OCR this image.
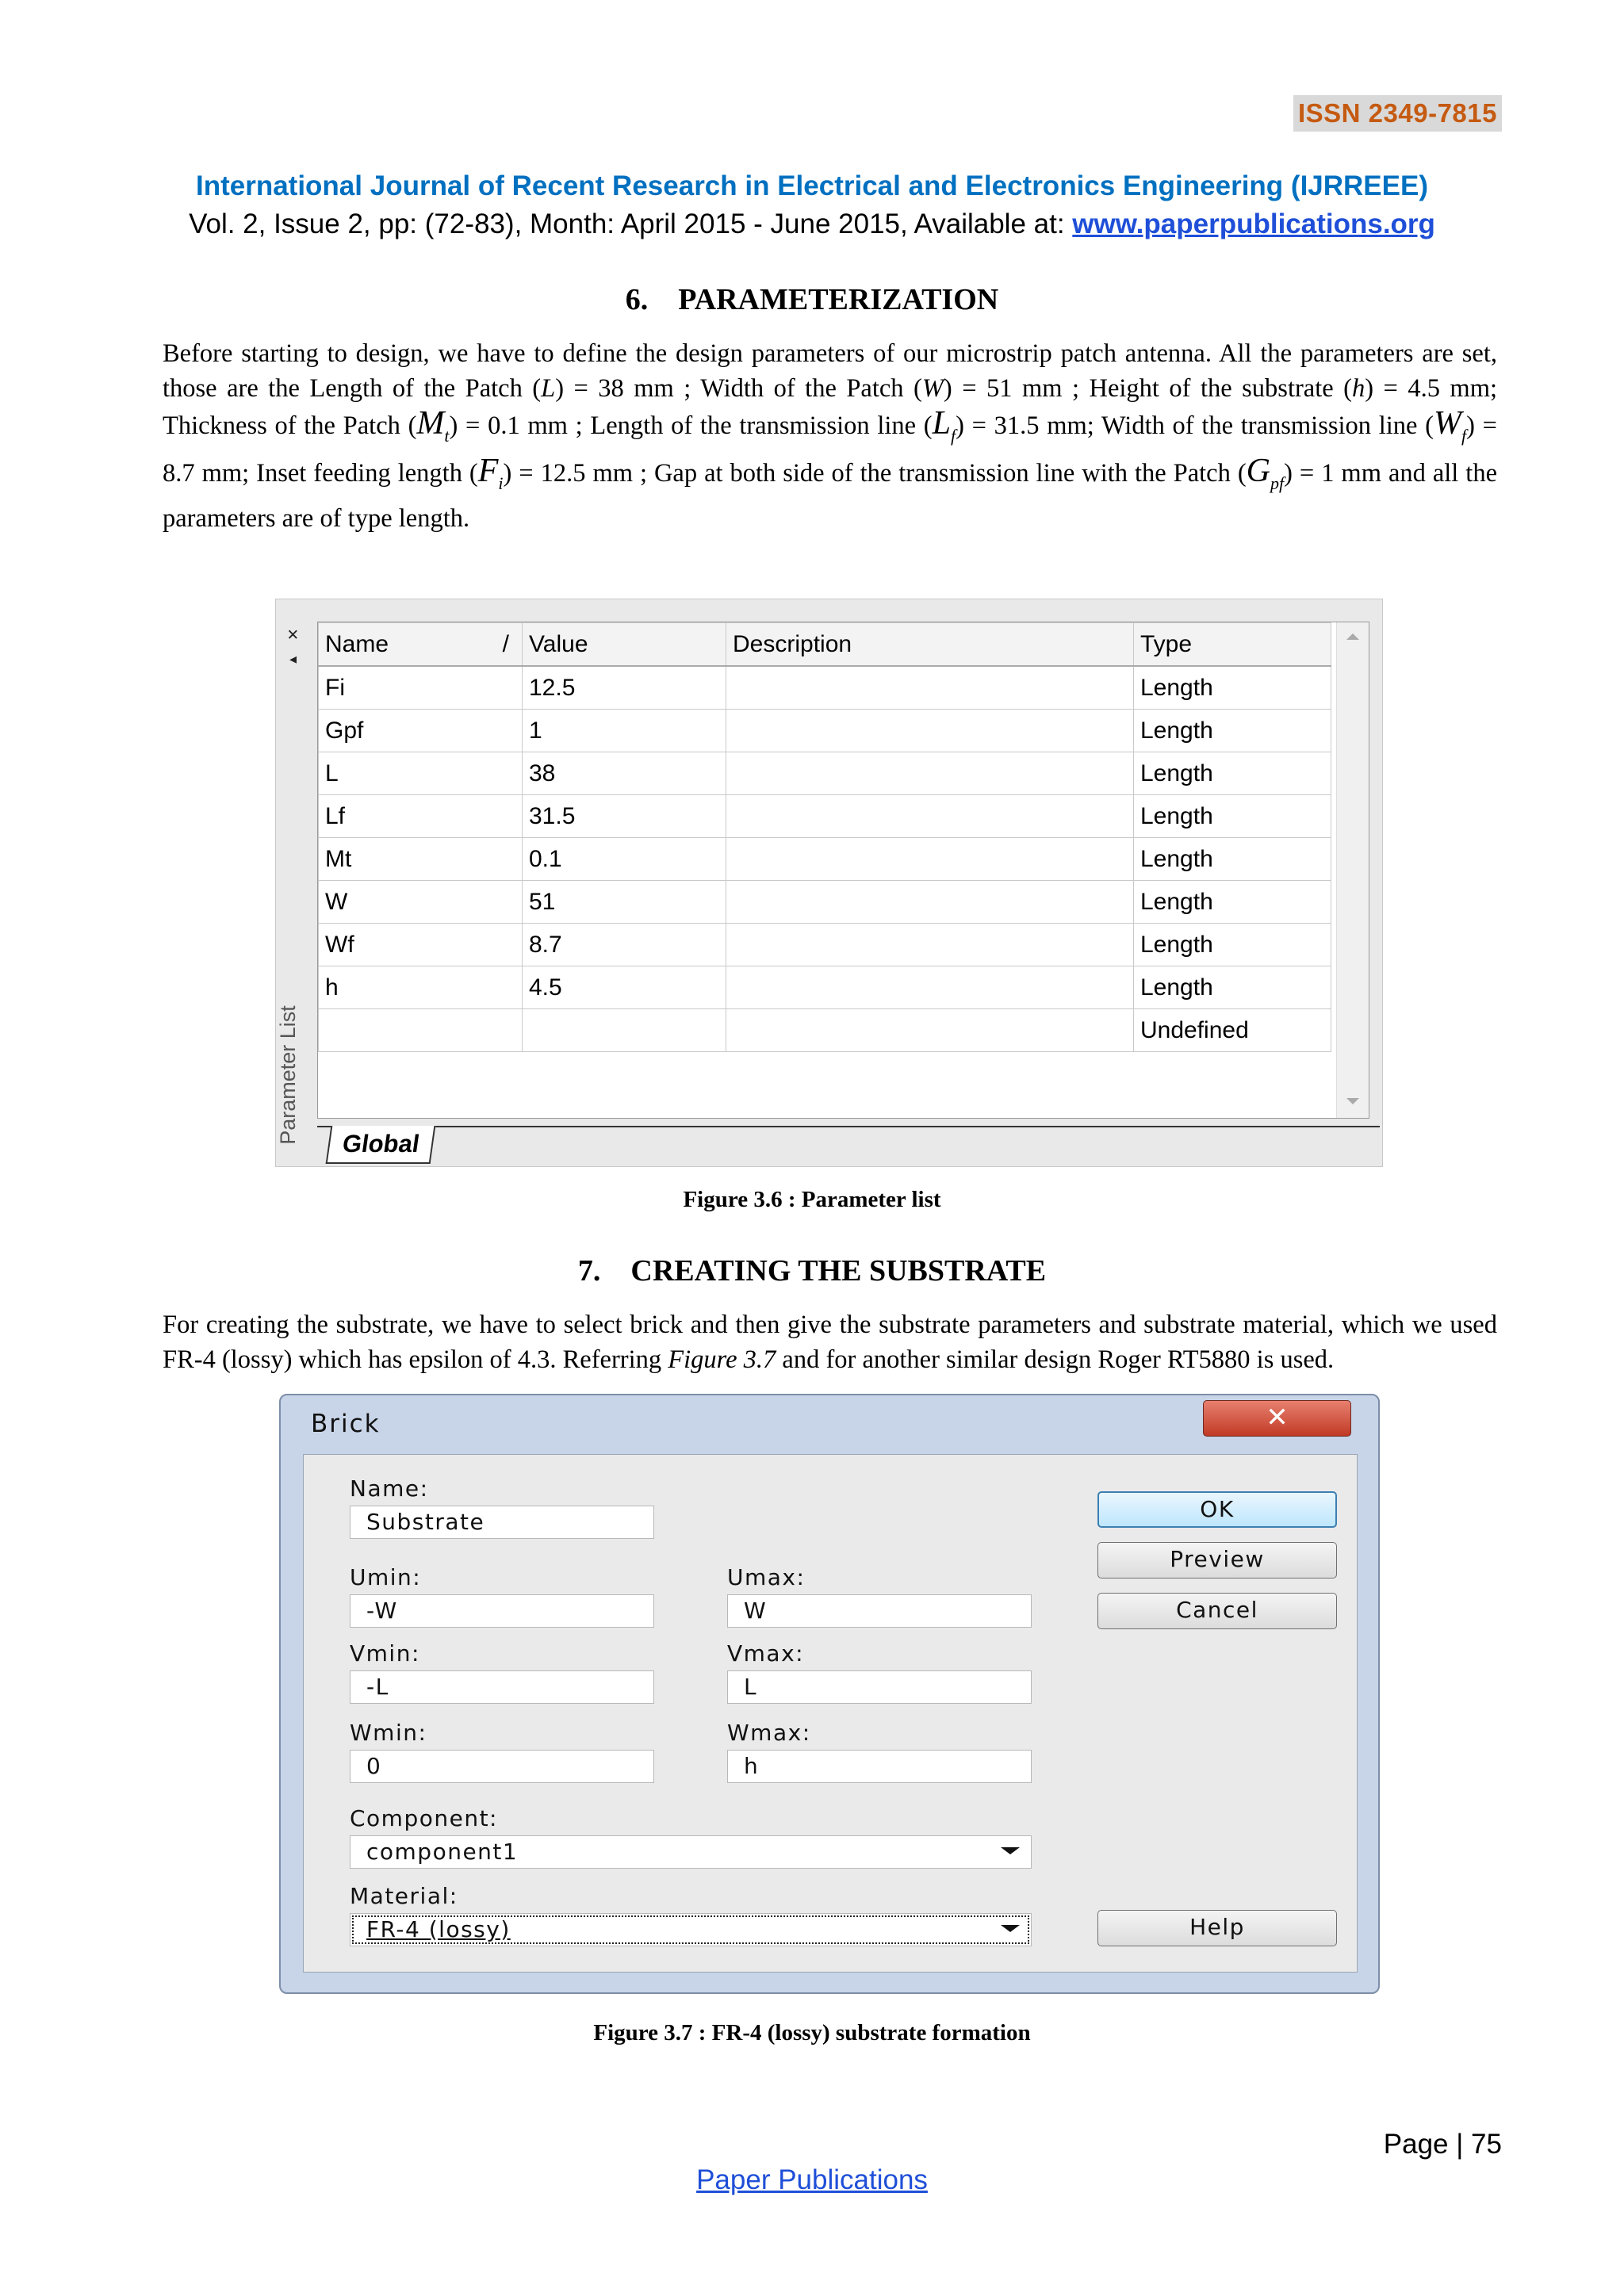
ISSN 2349-7815
International Journal of Recent Research in Electrical and Electronics Engineering (IJRREEE)
Vol. 2, Issue 2, pp: (72-83), Month: April 2015 - June 2015, Available at: www.paperpublications.org
6. PARAMETERIZATION
Before starting to design, we have to define the design parameters of our microstrip patch antenna. All the parameters are set, those are the Length of the Patch (L) = 38 mm ; Width of the Patch (W) = 51 mm ; Height of the substrate (h) = 4.5 mm; Thickness of the Patch $(M_t) = 0.1$ mm ; Length of the transmission line $(L_f) = 31.5$ mm; Width of the transmission line $(W_f) = 8.7$ mm; Inset feeding length $(F_i) = 12.5$ mm ; Gap at both side of the transmission line with the Patch $(G_{pf}) = 1$ mm and all the parameters are of type length.
×
◂
Parameter List
Name /	Value	Description	Type
Fi	12.5		Length
Gpf	1		Length
L	38		Length
Lf	31.5		Length
Mt	0.1		Length
W	51		Length
Wf	8.7		Length
h	4.5		Length
			Undefined
Global
Figure 3.6 : Parameter list
7. CREATING THE SUBSTRATE
For creating the substrate, we have to select brick and then give the substrate parameters and substrate material, which we used FR-4 (lossy) which has epsilon of 4.3. Referring Figure 3.7 and for another similar design Roger RT5880 is used.
Brick	✕
Name:
Substrate	OK
Preview
Cancel
Umin:
-W
Umax:
W
Vmin:
-L
Vmax:
L
Wmin:
0
Wmax:
h
Component:
component1
Material:
FR-4 (lossy)	Help
Figure 3.7 : FR-4 (lossy) substrate formation
Page | 75
Paper Publications
